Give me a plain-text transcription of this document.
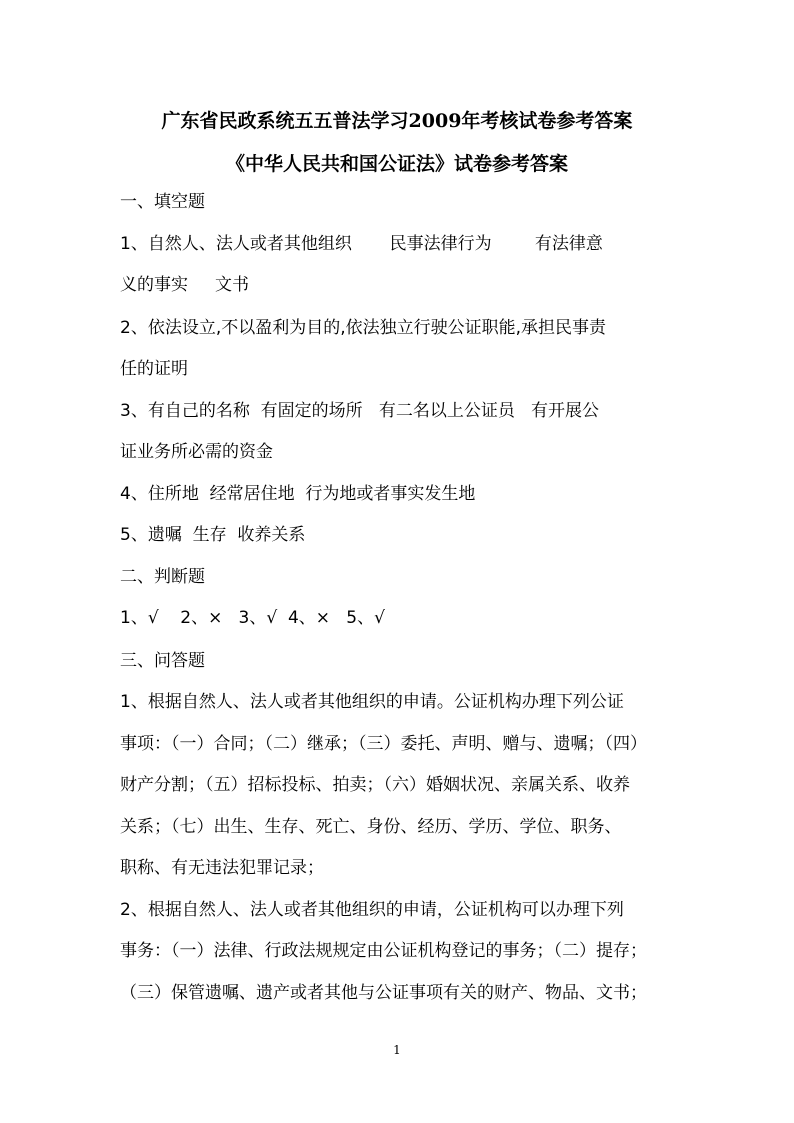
广东省民政系统五五普法学习2009年考核试卷参考答案
《中华人民共和国公证法》试卷参考答案
一、填空题
1、自然人、法人或者其他组织       民事法律行为        有法律意
义的事实     文书
2、依法设立,不以盈利为目的,依法独立行驶公证职能,承担民事责
任的证明
3、有自己的名称  有固定的场所   有二名以上公证员   有开展公
证业务所必需的资金
4、住所地  经常居住地  行为地或者事实发生地
5、遗嘱  生存  收养关系
二、判断题
1、√    2、×   3、√  4、×   5、√
三、问答题
1、根据自然人、法人或者其他组织的申请。公证机构办理下列公证
事项：（一）合同；（二）继承；（三）委托、声明、赠与、遗嘱；（四）
财产分割；（五）招标投标、拍卖；（六）婚姻状况、亲属关系、收养
关系；（七）出生、生存、死亡、身份、经历、学历、学位、职务、
职称、有无违法犯罪记录；
2、根据自然人、法人或者其他组织的申请，公证机构可以办理下列
事务：（一）法律、行政法规规定由公证机构登记的事务；（二）提存；
（三）保管遗嘱、遗产或者其他与公证事项有关的财产、物品、文书；
1
